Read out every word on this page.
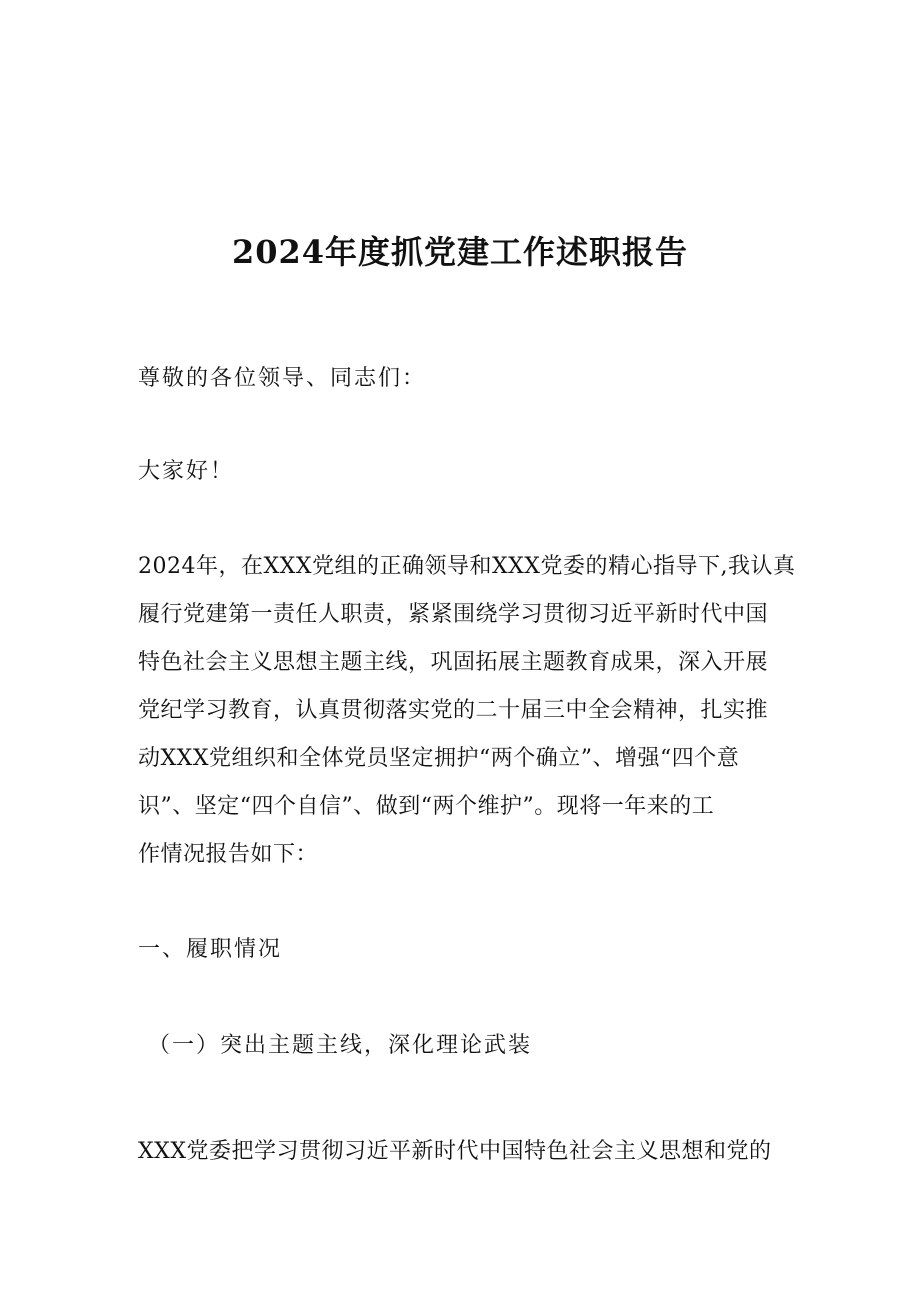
2024年度抓党建工作述职报告
尊敬的各位领导、同志们：
大家好！
2024年，在XXX党组的正确领导和XXX党委的精心指导下,我认真
履行党建第一责任人职责，紧紧围绕学习贯彻习近平新时代中国
特色社会主义思想主题主线，巩固拓展主题教育成果，深入开展
党纪学习教育，认真贯彻落实党的二十届三中全会精神，扎实推
动XXX党组织和全体党员坚定拥护“两个确立”、增强“四个意
识”、坚定“四个自信”、做到“两个维护”。现将一年来的工
作情况报告如下：
一、履职情况
（一）突出主题主线，深化理论武装
XXX党委把学习贯彻习近平新时代中国特色社会主义思想和党的
